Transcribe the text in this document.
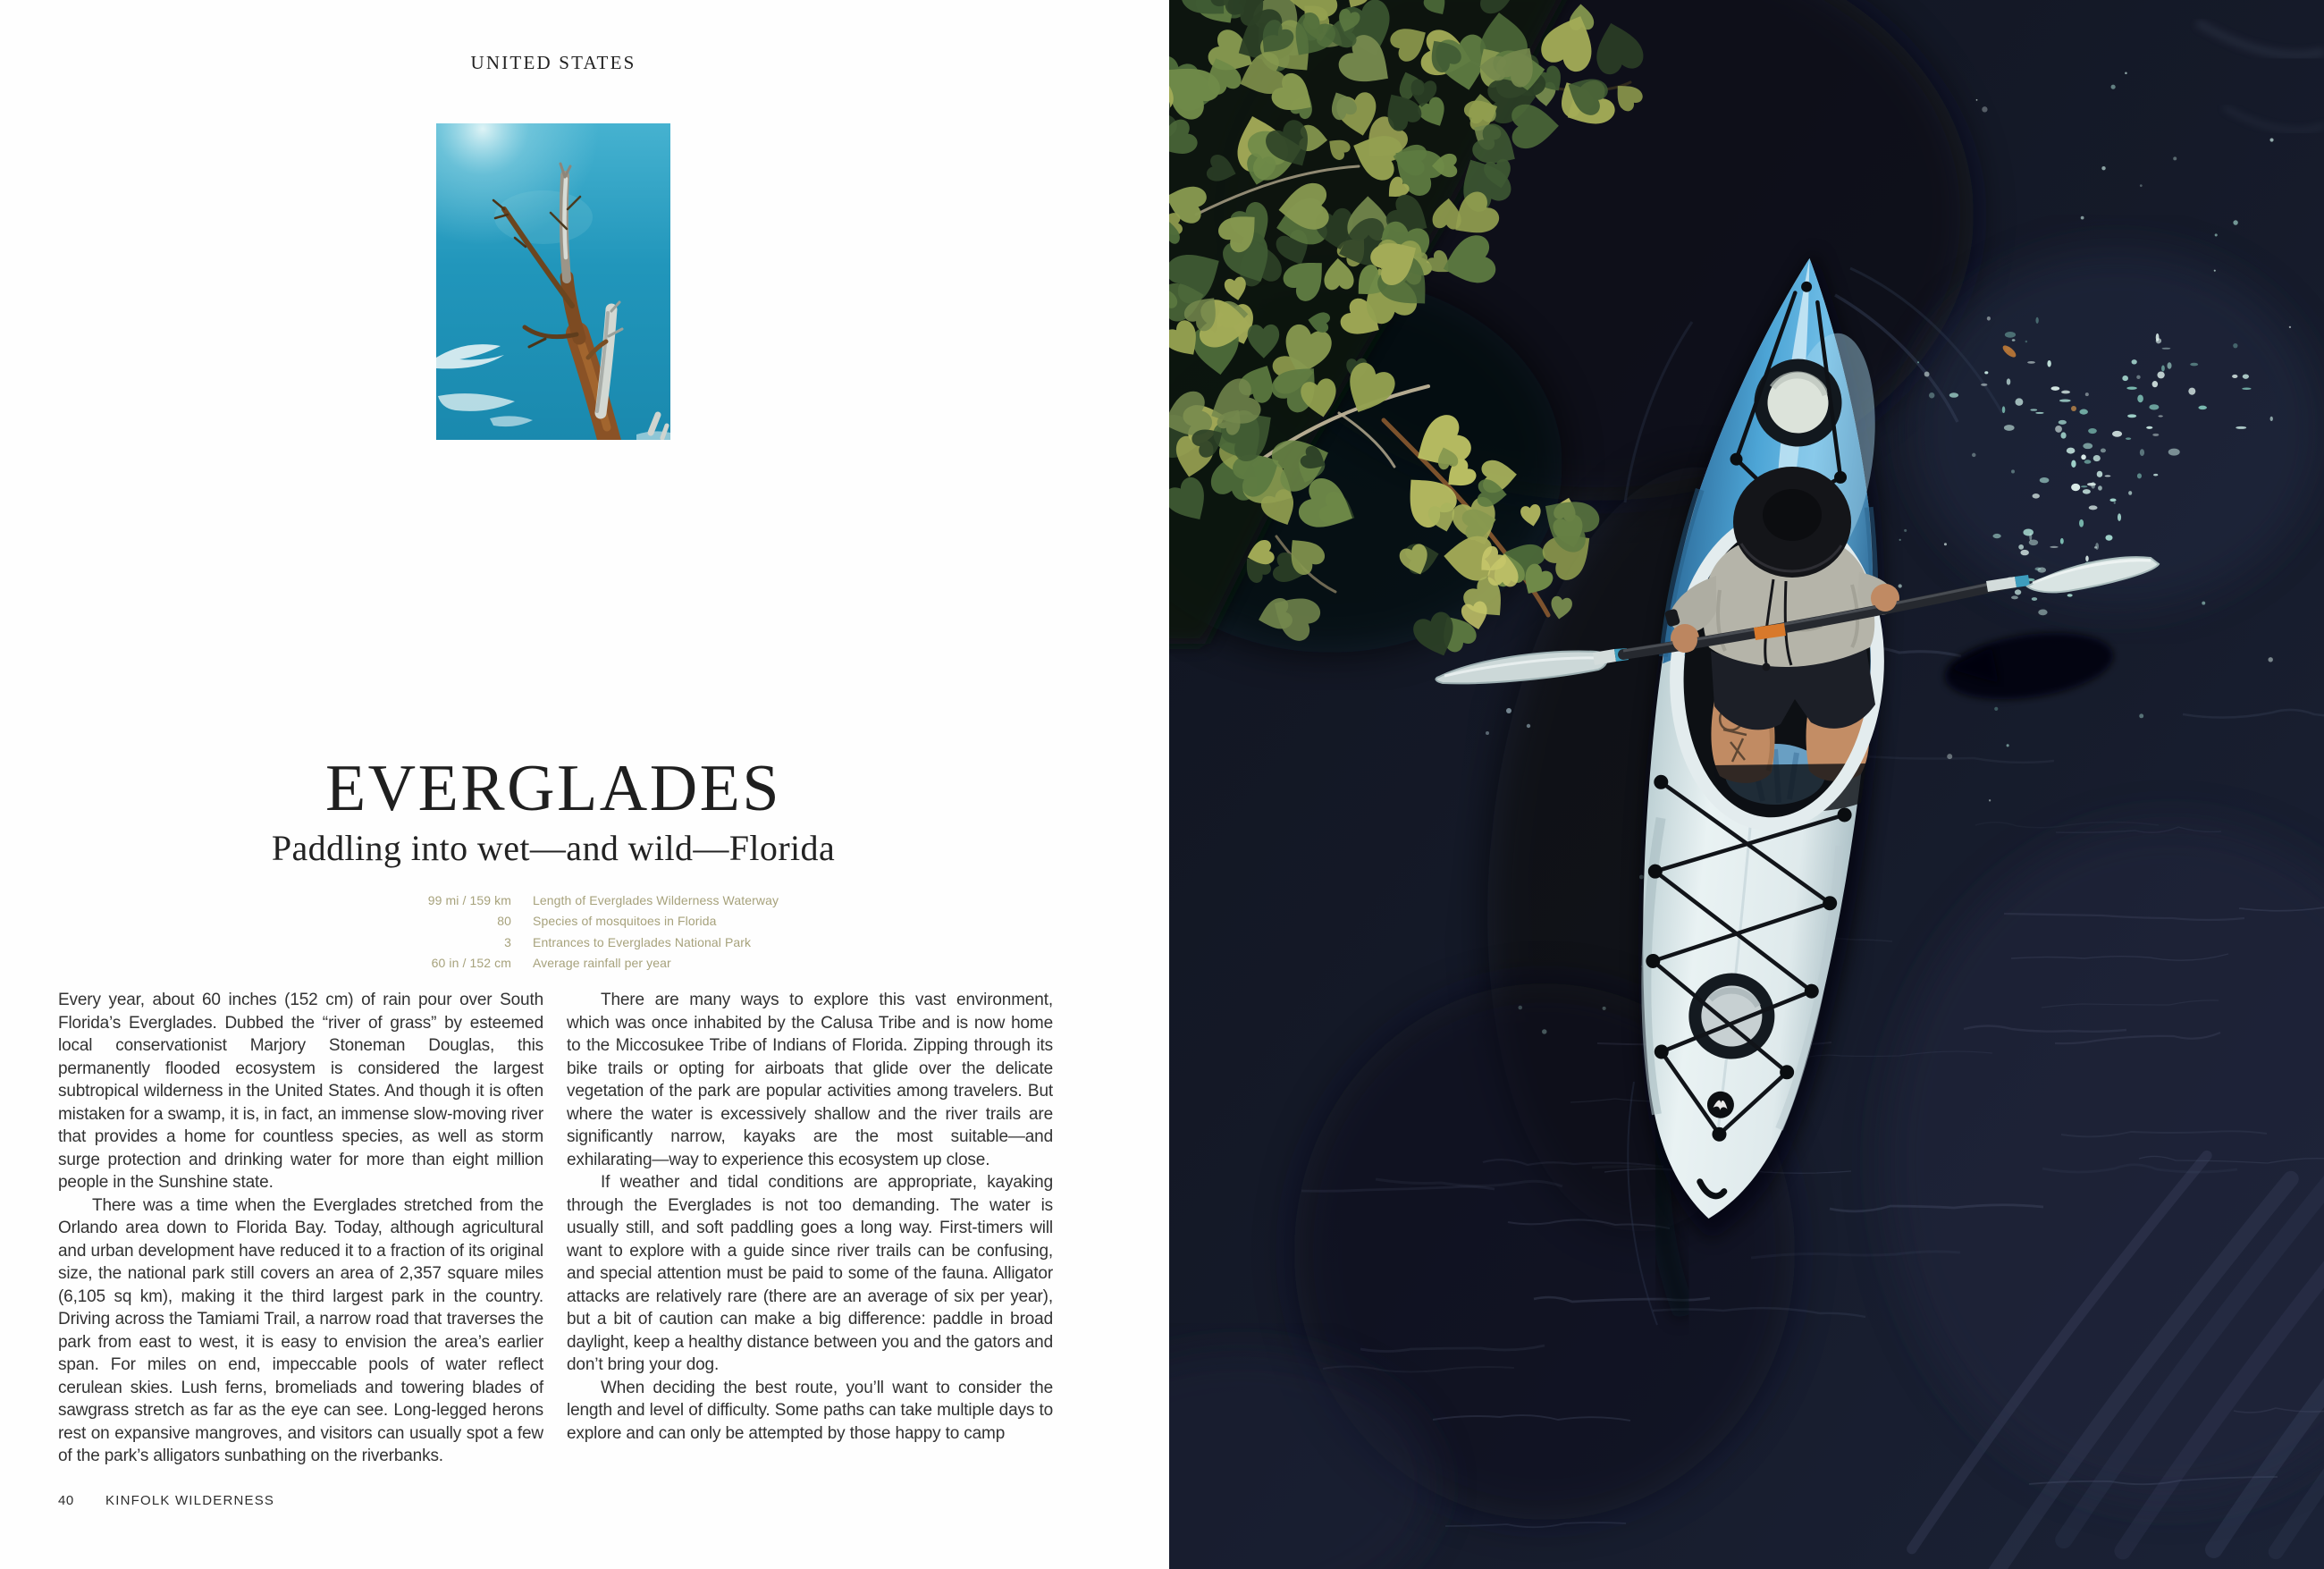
UNITED STATES
EVERGLADES
Paddling into wet—and wild—Florida
99 mi / 159 km Length of Everglades Wilderness Waterway
80 Species of mosquitoes in Florida
3 Entrances to Everglades National Park
60 in / 152 cm Average rainfall per year

Every year, about 60 inches (152 cm) of rain pour over South Florida’s Everglades. Dubbed the “river of grass” by esteemed local conservationist Marjory Stoneman Douglas, this permanently flooded ecosystem is considered the largest subtropical wilderness in the United States. And though it is often mistaken for a swamp, it is, in fact, an immense slow-moving river that provides a home for countless species, as well as storm surge protection and drinking water for more than eight million people in the Sunshine state.

There was a time when the Everglades stretched from the Orlando area down to Florida Bay. Today, although agricultural and urban development have reduced it to a fraction of its original size, the national park still covers an area of 2,357 square miles (6,105 sq km), making it the third largest park in the country. Driving across the Tamiami Trail, a narrow road that traverses the park from east to west, it is easy to envision the area’s earlier span. For miles on end, impeccable pools of water reflect cerulean skies. Lush ferns, bromeliads and towering blades of sawgrass stretch as far as the eye can see. Long-legged herons rest on expansive mangroves, and visitors can usually spot a few of the park’s alligators sunbathing on the riverbanks.

There are many ways to explore this vast environment, which was once inhabited by the Calusa Tribe and is now home to the Miccosukee Tribe of Indians of Florida. Zipping through its bike trails or opting for airboats that glide over the delicate vegetation of the park are popular activities among travelers. But where the water is excessively shallow and the river trails are significantly narrow, kayaks are the most suitable—and exhilarating—way to experience this ecosystem up close.

If weather and tidal conditions are appropriate, kayaking through the Everglades is not too demanding. The water is usually still, and soft paddling goes a long way. First-timers will want to explore with a guide since river trails can be confusing, and special attention must be paid to some of the fauna. Alligator attacks are relatively rare (there are an average of six per year), but a bit of caution can make a big difference: paddle in broad daylight, keep a healthy distance between you and the gators and don’t bring your dog.

When deciding the best route, you’ll want to consider the length and level of difficulty. Some paths can take multiple days to explore and can only be attempted by those happy to camp

40 KINFOLK WILDERNESS
